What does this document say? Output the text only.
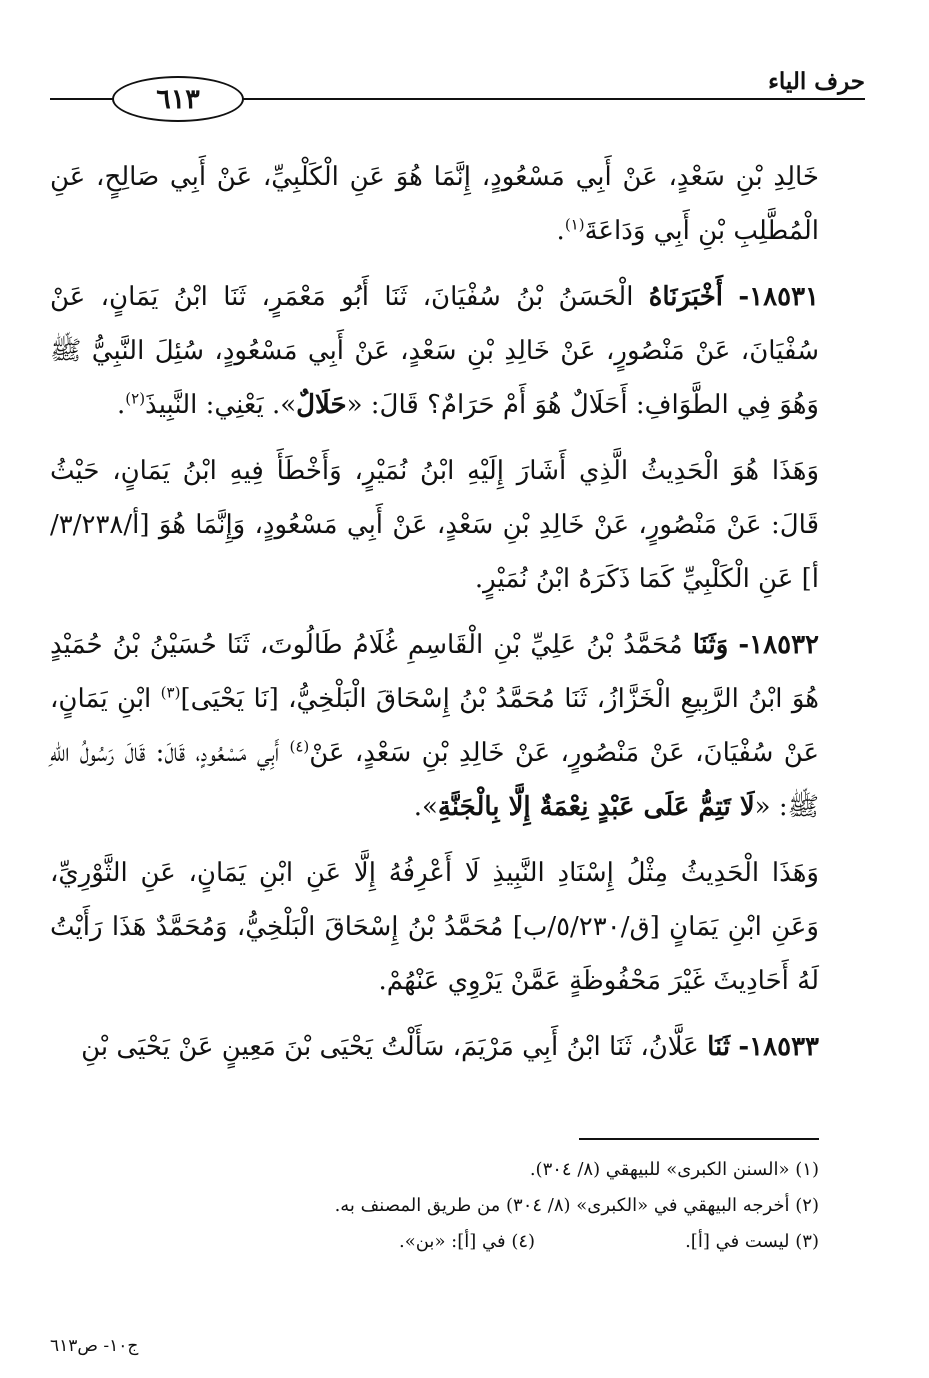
٦١٣
حرف الياء

خَالِدِ بْنِ سَعْدٍ، عَنْ أَبِي مَسْعُودٍ، إِنَّمَا هُوَ عَنِ الْكَلْبِيِّ، عَنْ أَبِي صَالِحٍ، عَنِ الْمُطَّلِبِ بْنِ أَبِي وَدَاعَةَ$^{(١)}$.

١٨٥٣١- أَخْبَرَنَاهُ الْحَسَنُ بْنُ سُفْيَانَ، ثَنَا أَبُو مَعْمَرٍ، ثَنَا ابْنُ يَمَانٍ، عَنْ سُفْيَانَ، عَنْ مَنْصُورٍ، عَنْ خَالِدِ بْنِ سَعْدٍ، عَنْ أَبِي مَسْعُودٍ، سُئِلَ النَّبِيُّ ﷺ وَهُوَ فِي الطَّوَافِ: أَحَلَالٌ هُوَ أَمْ حَرَامٌ؟ قَالَ: «حَلَالٌ». يَعْنِي: النَّبِيذَ$^{(٢)}$.

وَهَذَا هُوَ الْحَدِيثُ الَّذِي أَشَارَ إِلَيْهِ ابْنُ نُمَيْرٍ، وَأَخْطَأَ فِيهِ ابْنُ يَمَانٍ، حَيْثُ قَالَ: عَنْ مَنْصُورٍ، عَنْ خَالِدِ بْنِ سَعْدٍ، عَنْ أَبِي مَسْعُودٍ، وَإِنَّمَا هُوَ [أ/٣/٢٣٨/أ] عَنِ الْكَلْبِيِّ كَمَا ذَكَرَهُ ابْنُ نُمَيْرٍ.

١٨٥٣٢- وَثَنَا مُحَمَّدُ بْنُ عَلِيِّ بْنِ الْقَاسِمِ غُلَامُ طَالُوتَ، ثَنَا حُسَيْنُ بْنُ حُمَيْدٍ هُوَ ابْنُ الرَّبِيعِ الْخَزَّازُ، ثَنَا مُحَمَّدُ بْنُ إِسْحَاقَ الْبَلْخِيُّ، [نَا يَحْيَى]$^{(٣)}$ ابْنِ يَمَانٍ، عَنْ سُفْيَانَ، عَنْ مَنْصُورٍ، عَنْ خَالِدِ بْنِ سَعْدٍ، عَنْ$^{(٤)}$ أَبِي مَسْعُودٍ، قَالَ: قَالَ رَسُولُ اللهِ ﷺ: «لَا تَتِمُّ عَلَى عَبْدٍ نِعْمَةٌ إِلَّا بِالْجَنَّةِ».

وَهَذَا الْحَدِيثُ مِثْلُ إِسْنَادِ النَّبِيذِ لَا أَعْرِفُهُ إِلَّا عَنِ ابْنِ يَمَانٍ، عَنِ الثَّوْرِيِّ، وَعَنِ ابْنِ يَمَانٍ [ق/٥/٢٣٠/ب] مُحَمَّدُ بْنُ إِسْحَاقَ الْبَلْخِيُّ، وَمُحَمَّدٌ هَذَا رَأَيْتُ لَهُ أَحَادِيثَ غَيْرَ مَحْفُوظَةٍ عَمَّنْ يَرْوِي عَنْهُمْ.

١٨٥٣٣- ثَنَا عَلَّانُ، ثَنَا ابْنُ أَبِي مَرْيَمَ، سَأَلْتُ يَحْيَى بْنَ مَعِينٍ عَنْ يَحْيَى بْنِ

(١) «السنن الكبرى» للبيهقي (٨/ ٣٠٤).
(٢) أخرجه البيهقي في «الكبرى» (٨/ ٣٠٤) من طريق المصنف به.
(٣) ليست في [أ].
(٤) في [أ]: «بن».
ج١٠- ص٦١٣
